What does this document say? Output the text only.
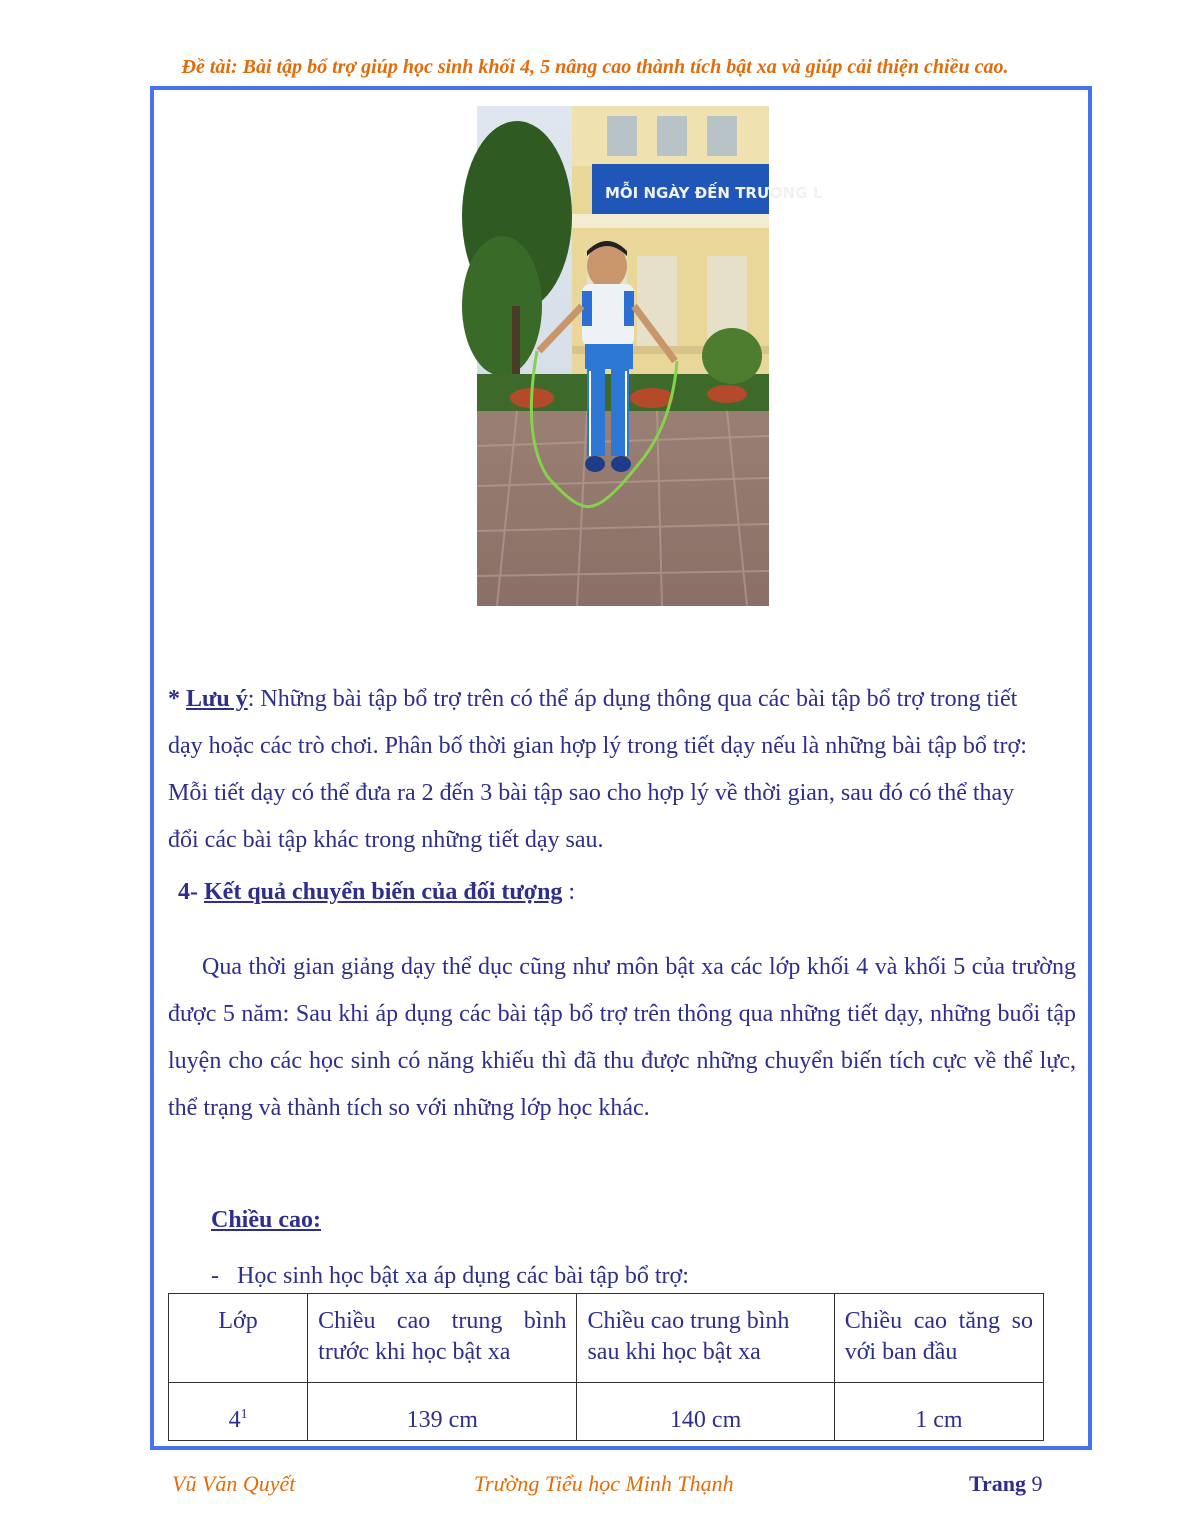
Đề tài: Bài tập bổ trợ giúp học sinh khối 4, 5 nâng cao thành tích bật xa và giúp cải thiện chiều cao.
MỖI NGÀY ĐẾN TRƯỜNG L
* Lưu ý: Những bài tập bổ trợ trên có thể áp dụng thông qua các bài tập bổ trợ trong tiết dạy hoặc các trò chơi. Phân bố thời gian hợp lý trong tiết dạy nếu là những bài tập bổ trợ: Mỗi tiết dạy có thể đưa ra 2 đến 3 bài tập sao cho hợp lý về thời gian, sau đó có thể thay đổi các bài tập khác trong những tiết dạy sau.
4- Kết quả chuyển biến của đối tượng :
Qua thời gian giảng dạy thể dục cũng như môn bật xa các lớp khối 4 và khối 5 của trường được 5 năm: Sau khi áp dụng các bài tập bổ trợ trên thông qua những tiết dạy, những buổi tập luyện cho các học sinh có năng khiếu thì đã thu được những chuyển biến tích cực về thể lực, thể trạng và thành tích so với những lớp học khác.
Chiều cao:
- Học sinh học bật xa áp dụng các bài tập bổ trợ:
Lớp	Chiều cao trung bình trước khi học bật xa	Chiều cao trung bình sau khi học bật xa	Chiều cao tăng so với ban đầu
$4^1$	139 cm	140 cm	1 cm
Vũ Văn Quyết	Trường Tiểu học Minh Thạnh	Trang 9
